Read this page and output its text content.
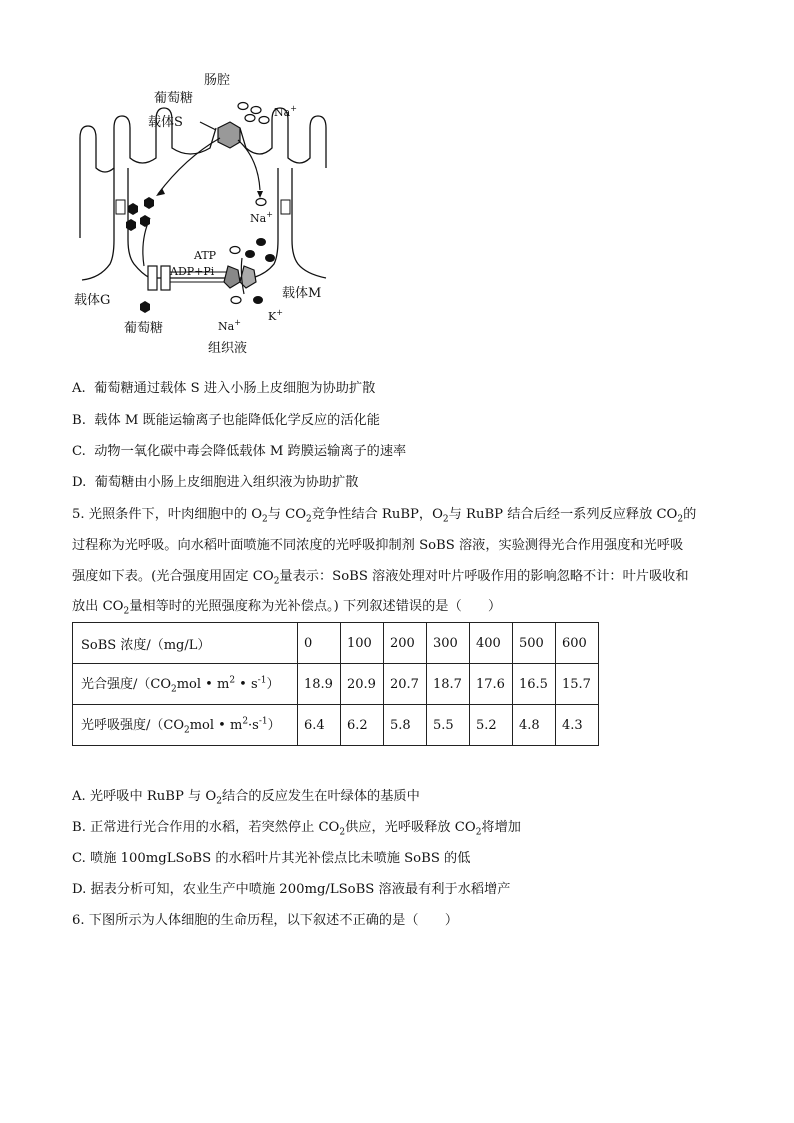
肠腔
葡萄糖
载体S
Na+
Na+
ATP
ADP+Pi
载体M
载体G
葡萄糖
K+
Na+
组织液
A. 葡萄糖通过载体 S 进入小肠上皮细胞为协助扩散
B. 载体 M 既能运输离子也能降低化学反应的活化能
C. 动物一氧化碳中毒会降低载体 M 跨膜运输离子的速率
D. 葡萄糖由小肠上皮细胞进入组织液为协助扩散
5. 光照条件下，叶肉细胞中的 $O_2$与 $CO_2$竞争性结合 RuBP，$O_2$与 RuBP 结合后经一系列反应释放 $CO_2$的
过程称为光呼吸。向水稻叶面喷施不同浓度的光呼吸抑制剂 SoBS 溶液，实验测得光合作用强度和光呼吸
强度如下表。(光合强度用固定 $CO_2$量表示：SoBS 溶液处理对叶片呼吸作用的影响忽略不计：叶片吸收和
放出 $CO_2$量相等时的光照强度称为光补偿点。) 下列叙述错误的是（　　）
SoBS 浓度/（mg/L）	0	100	200	300	400	500	600
光合强度$/(CO_2mol$ • $m^2$ • $s^{-1}$）	18.9	20.9	20.7	18.7	17.6	16.5	15.7
光呼吸强度$/(CO_2mol$ • $m^2\cdot s^{-1}$）	6.4	6.2	5.8	5.5	5.2	4.8	4.3
A. 光呼吸中 RuBP 与 $O_2$结合的反应发生在叶绿体的基质中
B. 正常进行光合作用的水稻，若突然停止 $CO_2$供应，光呼吸释放 $CO_2$将增加
C. 喷施 100mgLSoBS 的水稻叶片其光补偿点比未喷施 SoBS 的低
D. 据表分析可知，农业生产中喷施 200mg/LSoBS 溶液最有利于水稻增产
6. 下图所示为人体细胞的生命历程，以下叙述不正确的是（　　）
